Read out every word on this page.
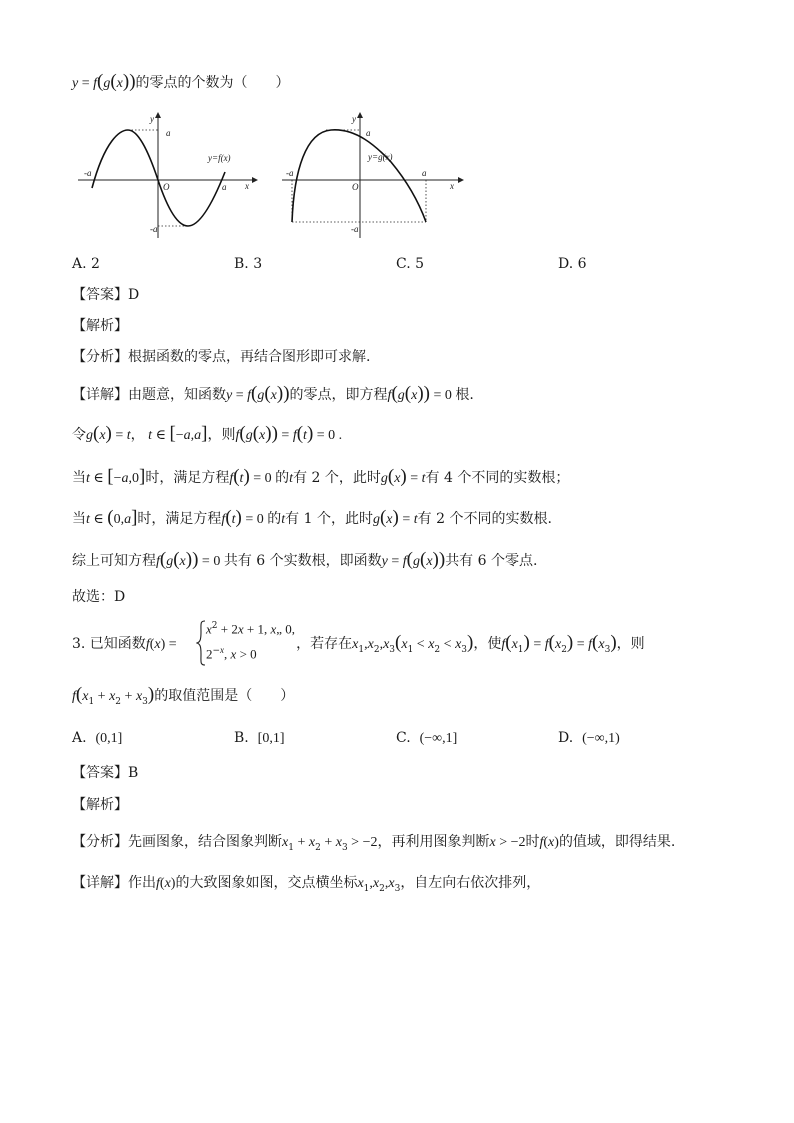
y = f(g(x))的零点的个数为（　　）
a
-a
-a
a
O	x
y
y=f(x)
a
-a
-a	a
O	x
y
y=g(x)
A. 2	B. 3	C. 5	D. 6
【答案】D
【解析】
【分析】根据函数的零点，再结合图形即可求解.
【详解】由题意，知函数y = f(g(x))的零点，即方程f(g(x)) = 0 根.
令g(x) = t， t ∈ [−a,a]，则f(g(x)) = f(t) = 0 .
当t ∈ [−a,0]时，满足方程f(t) = 0 的t有 2 个，此时g(x) = t有 4 个不同的实数根；
当t ∈ (0,a]时，满足方程f(t) = 0 的t有 1 个，此时g(x) = t有 2 个不同的实数根.
综上可知方程f(g(x)) = 0 共有 6 个实数根，即函数y = f(g(x))共有 6 个零点.
故选：D
3. 已知函数f(x) =	，若存在$x_1,x_2,x_3(x_1 < x_2 < x_3)$，使$f(x_1) = f(x_2) = f(x_3)$，则
$x^2 + 2x + 1$, x„ 0,
$2^{-x}$, x > 0
$f(x_1 + x_2 + x_3)$的取值范围是（　　）
A. (0,1]	B. [0,1]	C. (−∞,1]	D. (−∞,1)
【答案】B
【解析】
【分析】先画图象，结合图象判断$x_1 + x_2 + x_3 > -2$，再利用图象判断x > −2时f(x)的值域，即得结果.
【详解】作出f(x)的大致图象如图，交点横坐标$x_1,x_2,x_3$，自左向右依次排列，
